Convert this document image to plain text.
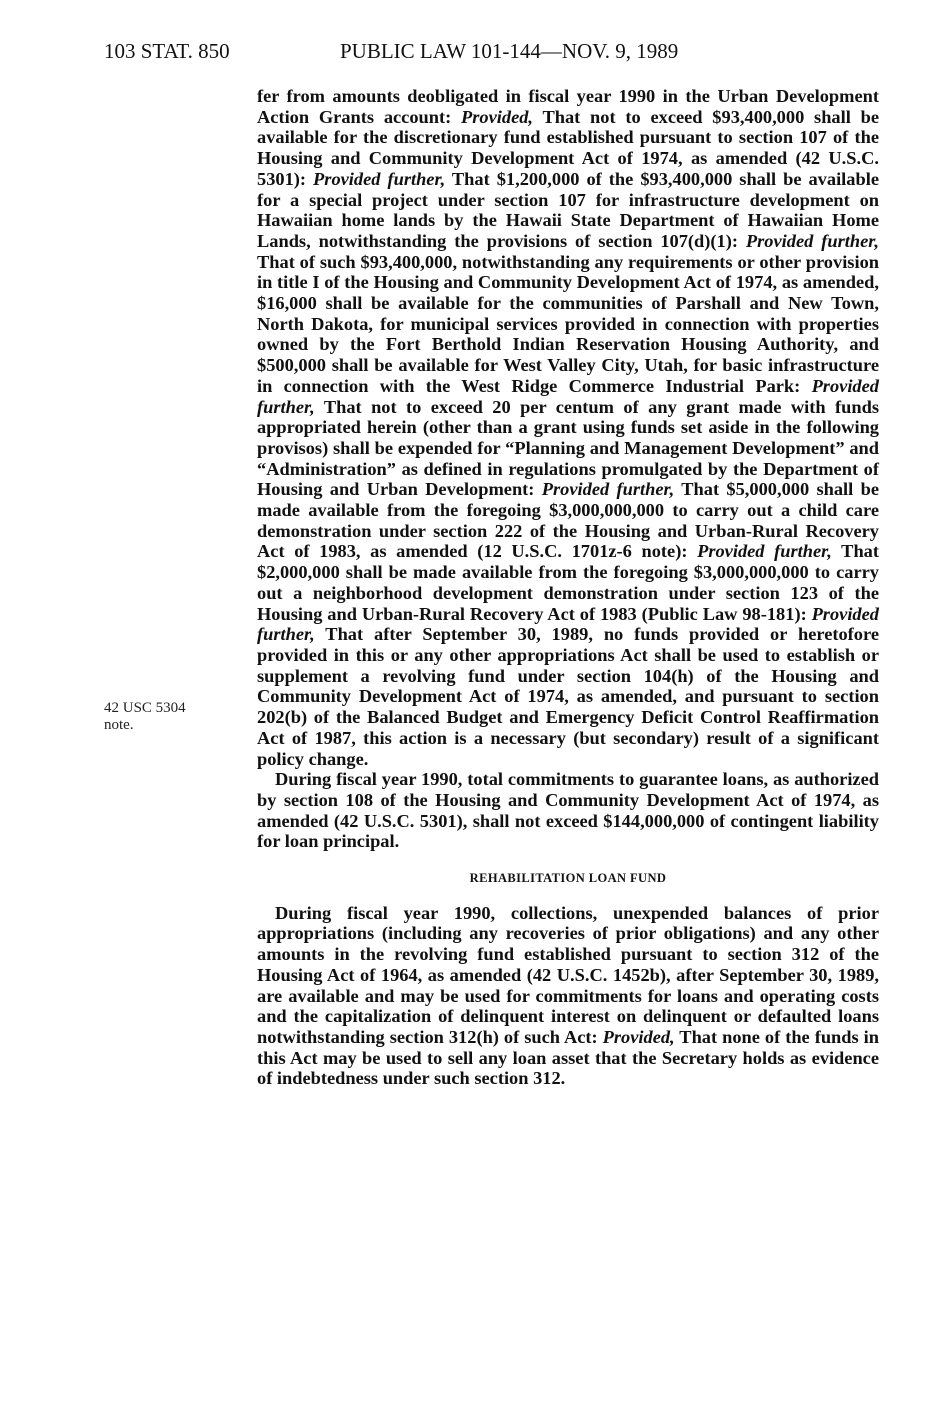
103 STAT. 850	PUBLIC LAW 101-144—NOV. 9, 1989
42 USC 5304
note.

fer from amounts deobligated in fiscal year 1990 in the Urban Development Action Grants account: Provided, That not to exceed $93,400,000 shall be available for the discretionary fund established pursuant to section 107 of the Housing and Community Development Act of 1974, as amended (42 U.S.C. 5301): Provided further, That $1,200,000 of the $93,400,000 shall be available for a special project under section 107 for infrastructure development on Hawaiian home lands by the Hawaii State Department of Hawaiian Home Lands, notwithstanding the provisions of section 107(d)(1): Provided further, That of such $93,400,000, notwithstanding any requirements or other provision in title I of the Housing and Community Development Act of 1974, as amended, $16,000 shall be available for the communities of Parshall and New Town, North Dakota, for municipal services provided in connection with properties owned by the Fort Berthold Indian Reservation Housing Authority, and $500,000 shall be available for West Valley City, Utah, for basic infrastructure in connection with the West Ridge Commerce Industrial Park: Provided further, That not to exceed 20 per centum of any grant made with funds appropriated herein (other than a grant using funds set aside in the following provisos) shall be expended for “Planning and Management Development” and “Administration” as defined in regulations promulgated by the Department of Housing and Urban Development: Provided further, That $5,000,000 shall be made available from the foregoing $3,000,000,000 to carry out a child care demonstration under section 222 of the Housing and Urban-Rural Recovery Act of 1983, as amended (12 U.S.C. 1701z-6 note): Provided further, That $2,000,000 shall be made available from the foregoing $3,000,000,000 to carry out a neighborhood development demonstration under section 123 of the Housing and Urban-Rural Recovery Act of 1983 (Public Law 98-181): Provided further, That after September 30, 1989, no funds provided or heretofore provided in this or any other appropriations Act shall be used to establish or supplement a revolving fund under section 104(h) of the Housing and Community Development Act of 1974, as amended, and pursuant to section 202(b) of the Balanced Budget and Emergency Deficit Control Reaffirmation Act of 1987, this action is a necessary (but secondary) result of a significant policy change.

During fiscal year 1990, total commitments to guarantee loans, as authorized by section 108 of the Housing and Community Development Act of 1974, as amended (42 U.S.C. 5301), shall not exceed $144,000,000 of contingent liability for loan principal.

REHABILITATION LOAN FUND

During fiscal year 1990, collections, unexpended balances of prior appropriations (including any recoveries of prior obligations) and any other amounts in the revolving fund established pursuant to section 312 of the Housing Act of 1964, as amended (42 U.S.C. 1452b), after September 30, 1989, are available and may be used for commitments for loans and operating costs and the capitalization of delinquent interest on delinquent or defaulted loans notwithstanding section 312(h) of such Act: Provided, That none of the funds in this Act may be used to sell any loan asset that the Secretary holds as evidence of indebtedness under such section 312.
